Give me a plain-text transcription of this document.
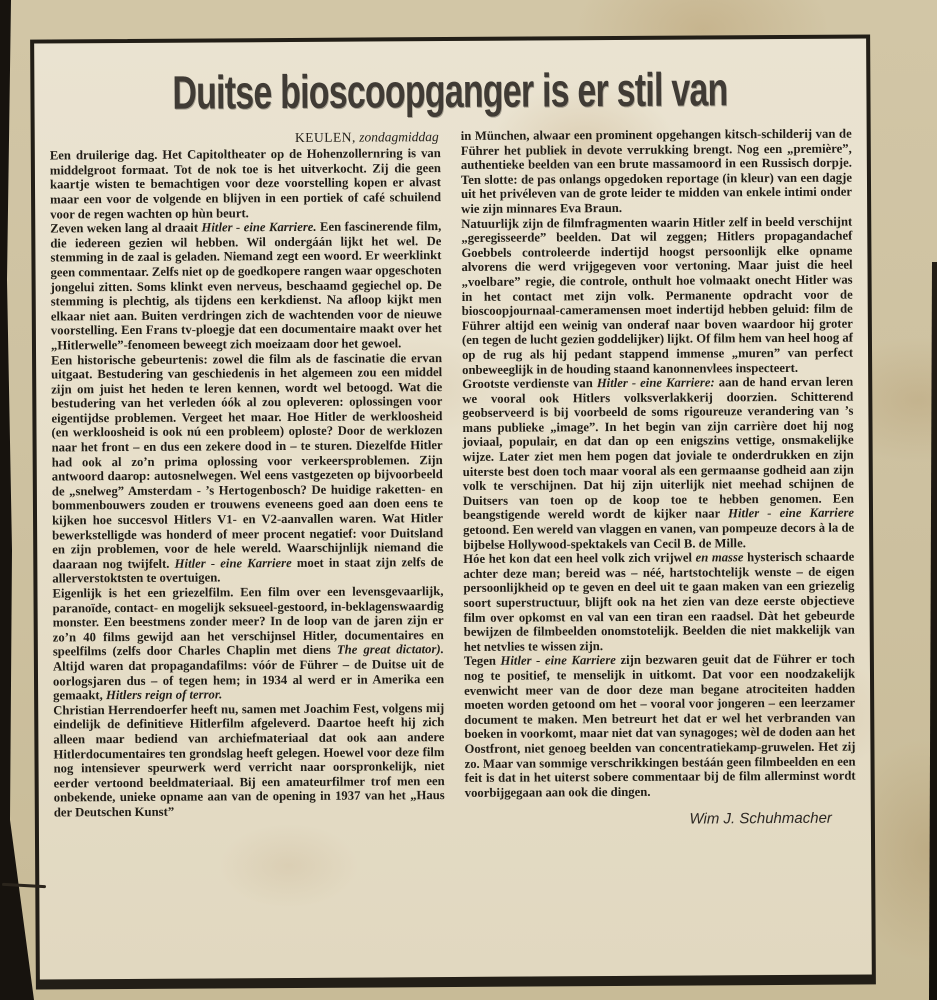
Duitse bioscoopganger is er stil van
KEULEN, zondagmiddag

Een druilerige dag. Het Capitoltheater op de Hohenzollernring is van middelgroot formaat. Tot de nok toe is het uitverkocht. Zij die geen kaartje wisten te bemachtigen voor deze voorstelling kopen er alvast maar een voor de volgende en blijven in een portiek of café schuilend voor de regen wachten op hùn beurt.

Zeven weken lang al draait Hitler - eine Karriere. Een fascinerende film, die iedereen gezien wil hebben. Wil ondergáán lijkt het wel. De stemming in de zaal is geladen. Niemand zegt een woord. Er weerklinkt geen commentaar. Zelfs niet op de goedkopere rangen waar opgeschoten jongelui zitten. Soms klinkt even nerveus, beschaamd gegiechel op. De stemming is plechtig, als tijdens een kerkdienst. Na afloop kijkt men elkaar niet aan. Buiten verdringen zich de wachtenden voor de nieuwe voorstelling. Een Frans tv-ploegje dat een documentaire maakt over het „Hitlerwelle”-fenomeen beweegt zich moeizaam door het gewoel.

Een historische gebeurtenis: zowel die film als de fascinatie die ervan uitgaat. Bestudering van geschiedenis in het algemeen zou een middel zijn om juist het heden te leren kennen, wordt wel betoogd. Wat die bestudering van het verleden óók al zou opleveren: oplossingen voor eigentijdse problemen. Vergeet het maar. Hoe Hitler de werkloosheid (en werkloosheid is ook nú een probleem) oploste? Door de werklozen naar het front – en dus een zekere dood in – te sturen. Diezelfde Hitler had ook al zo’n prima oplossing voor verkeersproblemen. Zijn antwoord daarop: autosnelwegen. Wel eens vastgezeten op bijvoorbeeld de „snelweg” Amsterdam - ’s Hertogenbosch? De huidige raketten- en bommenbouwers zouden er trouwens eveneens goed aan doen eens te kijken hoe succesvol Hitlers V1- en V2-aanvallen waren. Wat Hitler bewerkstelligde was honderd of meer procent negatief: voor Duitsland en zijn problemen, voor de hele wereld. Waarschijnlijk niemand die daaraan nog twijfelt. Hitler - eine Karriere moet in staat zijn zelfs de allerverstoktsten te overtuigen.

Eigenlijk is het een griezelfilm. Een film over een levensgevaarlijk, paranoïde, contact- en mogelijk seksueel-gestoord, in-beklagenswaardig monster. Een beestmens zonder meer? In de loop van de jaren zijn er zo’n 40 films gewijd aan het verschijnsel Hitler, documentaires en speelfilms (zelfs door Charles Chaplin met diens The great dictator). Altijd waren dat propagandafilms: vóór de Führer – de Duitse uit de oorlogsjaren dus – of tegen hem; in 1934 al werd er in Amerika een gemaakt, Hitlers reign of terror.

Christian Herrendoerfer heeft nu, samen met Joachim Fest, volgens mij eindelijk de definitieve Hitlerfilm afgeleverd. Daartoe heeft hij zich alleen maar bediend van archiefmateriaal dat ook aan andere Hitlerdocumentaires ten grondslag heeft gelegen. Hoewel voor deze film nog intensiever speurwerk werd verricht naar oorspronkelijk, niet eerder vertoond beeldmateriaal. Bij een amateurfilmer trof men een onbekende, unieke opname aan van de opening in 1937 van het „Haus der Deutschen Kunst”

in München, alwaar een prominent opgehangen kitsch-schilderij van de Führer het publiek in devote verrukking brengt. Nog een „première”, authentieke beelden van een brute massamoord in een Russisch dorpje. Ten slotte: de pas onlangs opgedoken reportage (in kleur) van een dagje uit het privéleven van de grote leider te midden van enkele intimi onder wie zijn minnares Eva Braun.

Natuurlijk zijn de filmfragmenten waarin Hitler zelf in beeld verschijnt „geregisseerde” beelden. Dat wil zeggen; Hitlers propagandachef Goebbels controleerde indertijd hoogst persoonlijk elke opname alvorens die werd vrijgegeven voor vertoning. Maar juist die heel „voelbare” regie, die controle, onthult hoe volmaakt onecht Hitler was in het contact met zijn volk. Permanente opdracht voor de bioscoopjournaal-cameramensen moet indertijd hebben geluid: film de Führer altijd een weinig van onderaf naar boven waardoor hij groter (en tegen de lucht gezien goddelijker) lijkt. Of film hem van heel hoog af op de rug als hij pedant stappend immense „muren” van perfect onbeweeglijk in de houding staand kanonnenvlees inspecteert.

Grootste verdienste van Hitler - eine Karriere: aan de hand ervan leren we vooral ook Hitlers volksverlakkerij doorzien. Schitterend geobserveerd is bij voorbeeld de soms rigoureuze verandering van ’s mans publieke „image”. In het begin van zijn carrière doet hij nog joviaal, populair, en dat dan op een enigszins vettige, onsmakelijke wijze. Later ziet men hem pogen dat joviale te onderdrukken en zijn uiterste best doen toch maar vooral als een germaanse godheid aan zijn volk te verschijnen. Dat hij zijn uiterlijk niet meehad schijnen de Duitsers van toen op de koop toe te hebben genomen. Een beangstigende wereld wordt de kijker naar Hitler - eine Karriere getoond. Een wereld van vlaggen en vanen, van pompeuze decors à la de bijbelse Hollywood-spektakels van Cecil B. de Mille.

Hóe het kon dat een heel volk zich vrijwel en masse hysterisch schaarde achter deze man; bereid was – néé, hartstochtelijk wenste – de eigen persoonlijkheid op te geven en deel uit te gaan maken van een griezelig soort superstructuur, blijft ook na het zien van deze eerste objectieve film over opkomst en val van een tiran een raadsel. Dàt het gebeurde bewijzen de filmbeelden onomstotelijk. Beelden die niet makkelijk van het netvlies te wissen zijn.

Tegen Hitler - eine Karriere zijn bezwaren geuit dat de Führer er toch nog te positief, te menselijk in uitkomt. Dat voor een noodzakelijk evenwicht meer van de door deze man begane atrociteiten hadden moeten worden getoond om het – vooral voor jongeren – een leerzamer document te maken. Men betreurt het dat er wel het verbranden van boeken in voorkomt, maar niet dat van synagoges; wèl de doden aan het Oostfront, niet genoeg beelden van concentratiekamp-gruwelen. Het zij zo. Maar van sommige verschrikkingen bestáán geen filmbeelden en een feit is dat in het uiterst sobere commentaar bij de film allerminst wordt voorbijgegaan aan ook die dingen.

Wim J. Schuhmacher
